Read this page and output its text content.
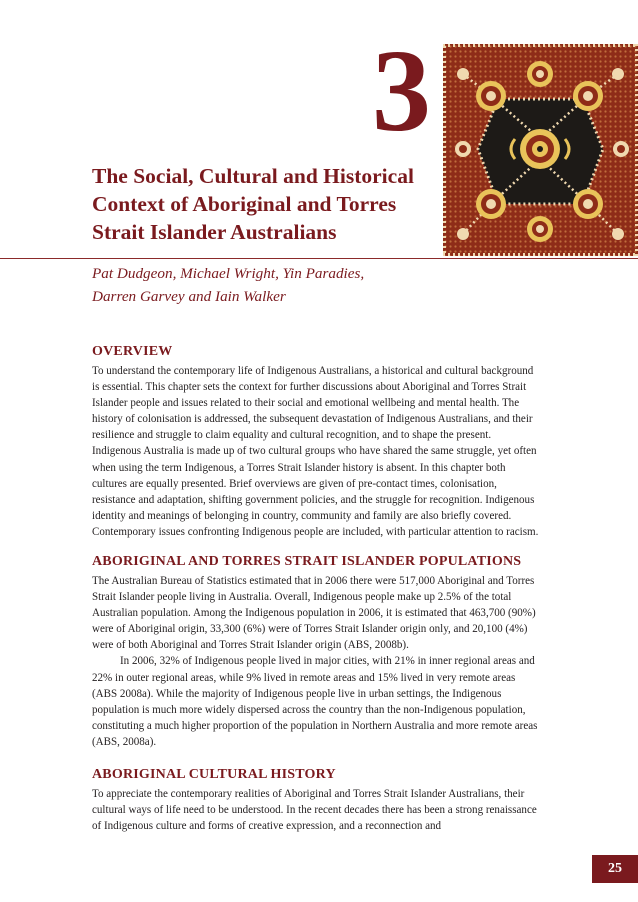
3
The Social, Cultural and Historical Context of Aboriginal and Torres Strait Islander Australians
Pat Dudgeon, Michael Wright, Yin Paradies,
Darren Garvey and Iain Walker
OVERVIEW

To understand the contemporary life of Indigenous Australians, a historical and cultural background is essential. This chapter sets the context for further discussions about Aboriginal and Torres Strait Islander people and issues related to their social and emotional wellbeing and mental health. The history of colonisation is addressed, the subsequent devastation of Indigenous Australians, and their resilience and struggle to claim equality and cultural recognition, and to shape the present. Indigenous Australia is made up of two cultural groups who have shared the same struggle, yet often when using the term Indigenous, a Torres Strait Islander history is absent. In this chapter both cultures are equally presented. Brief overviews are given of pre-contact times, colonisation, resistance and adaptation, shifting government policies, and the struggle for recognition. Indigenous identity and meanings of belonging in country, community and family are also briefly covered. Contemporary issues confronting Indigenous people are included, with particular attention to racism.

ABORIGINAL AND TORRES STRAIT ISLANDER POPULATIONS

The Australian Bureau of Statistics estimated that in 2006 there were 517,000 Aboriginal and Torres Strait Islander people living in Australia. Overall, Indigenous people make up 2.5% of the total Australian population. Among the Indigenous population in 2006, it is estimated that 463,700 (90%) were of Aboriginal origin, 33,300 (6%) were of Torres Strait Islander origin only, and 20,100 (4%) were of both Aboriginal and Torres Strait Islander origin (ABS, 2008b).

In 2006, 32% of Indigenous people lived in major cities, with 21% in inner regional areas and 22% in outer regional areas, while 9% lived in remote areas and 15% lived in very remote areas (ABS 2008a). While the majority of Indigenous people live in urban settings, the Indigenous population is much more widely dispersed across the country than the non-Indigenous population, constituting a much higher proportion of the population in Northern Australia and more remote areas (ABS, 2008a).

ABORIGINAL CULTURAL HISTORY

To appreciate the contemporary realities of Aboriginal and Torres Strait Islander Australians, their cultural ways of life need to be understood. In the recent decades there has been a strong renaissance of Indigenous culture and forms of creative expression, and a reconnection and

25
